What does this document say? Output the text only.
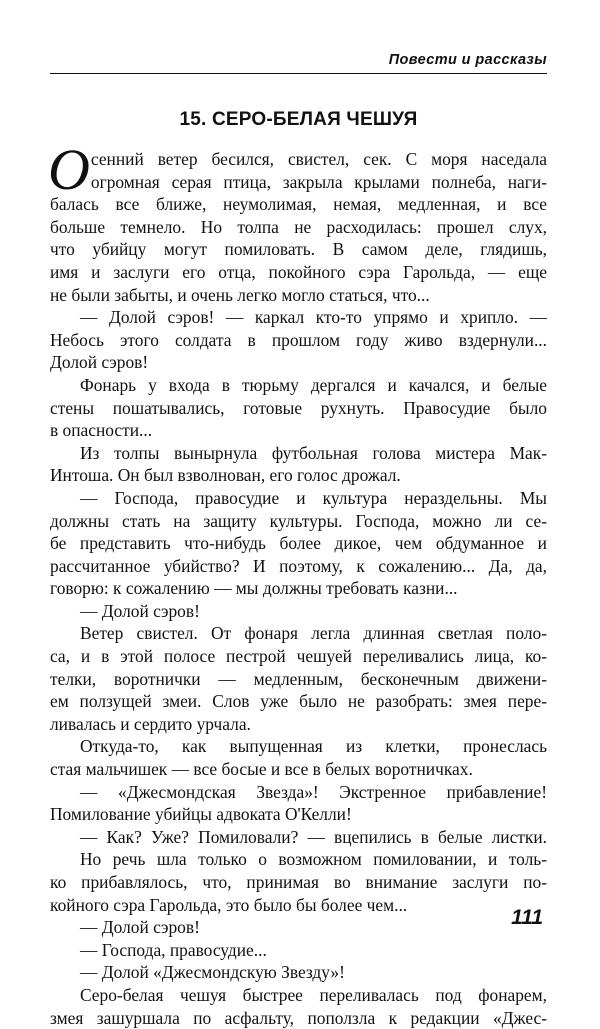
Повести и рассказы
15. СЕРО-БЕЛАЯ ЧЕШУЯ
Осенний ветер бесился, свистел, сек. С моря наседала
огромная серая птица, закрыла крылами полнеба, наги-
балась все ближе, неумолимая, немая, медленная, и все
больше темнело. Но толпа не расходилась: прошел слух,
что убийцу могут помиловать. В самом деле, глядишь,
имя и заслуги его отца, покойного сэра Гарольда, — еще
не были забыты, и очень легко могло статься, что...
— Долой сэров! — каркал кто-то упрямо и хрипло. —
Небось этого солдата в прошлом году живо вздернули...
Долой сэров!
Фонарь у входа в тюрьму дергался и качался, и белые
стены пошатывались, готовые рухнуть. Правосудие было
в опасности...
Из толпы вынырнула футбольная голова мистера Мак-
Интоша. Он был взволнован, его голос дрожал.
— Господа, правосудие и культура нераздельны. Мы
должны стать на защиту культуры. Господа, можно ли се-
бе представить что-нибудь более дикое, чем обдуманное и
рассчитанное убийство? И поэтому, к сожалению... Да, да,
говорю: к сожалению — мы должны требовать казни...
— Долой сэров!
Ветер свистел. От фонаря легла длинная светлая поло-
са, и в этой полосе пестрой чешуей переливались лица, ко-
телки, воротнички — медленным, бесконечным движени-
ем ползущей змеи. Слов уже было не разобрать: змея пере-
ливалась и сердито урчала.
Откуда-то, как выпущенная из клетки, пронеслась
стая мальчишек — все босые и все в белых воротничках.
— «Джесмондская Звезда»! Экстренное прибавление!
Помилование убийцы адвоката О'Келли!
— Как? Уже? Помиловали? — вцепились в белые листки.
Но речь шла только о возможном помиловании, и толь-
ко прибавлялось, что, принимая во внимание заслуги по-
койного сэра Гарольда, это было бы более чем...
— Долой сэров!
— Господа, правосудие...
— Долой «Джесмондскую Звезду»!
Серо-белая чешуя быстрее переливалась под фонарем,
змея зашуршала по асфальту, поползла к редакции «Джес-
111
